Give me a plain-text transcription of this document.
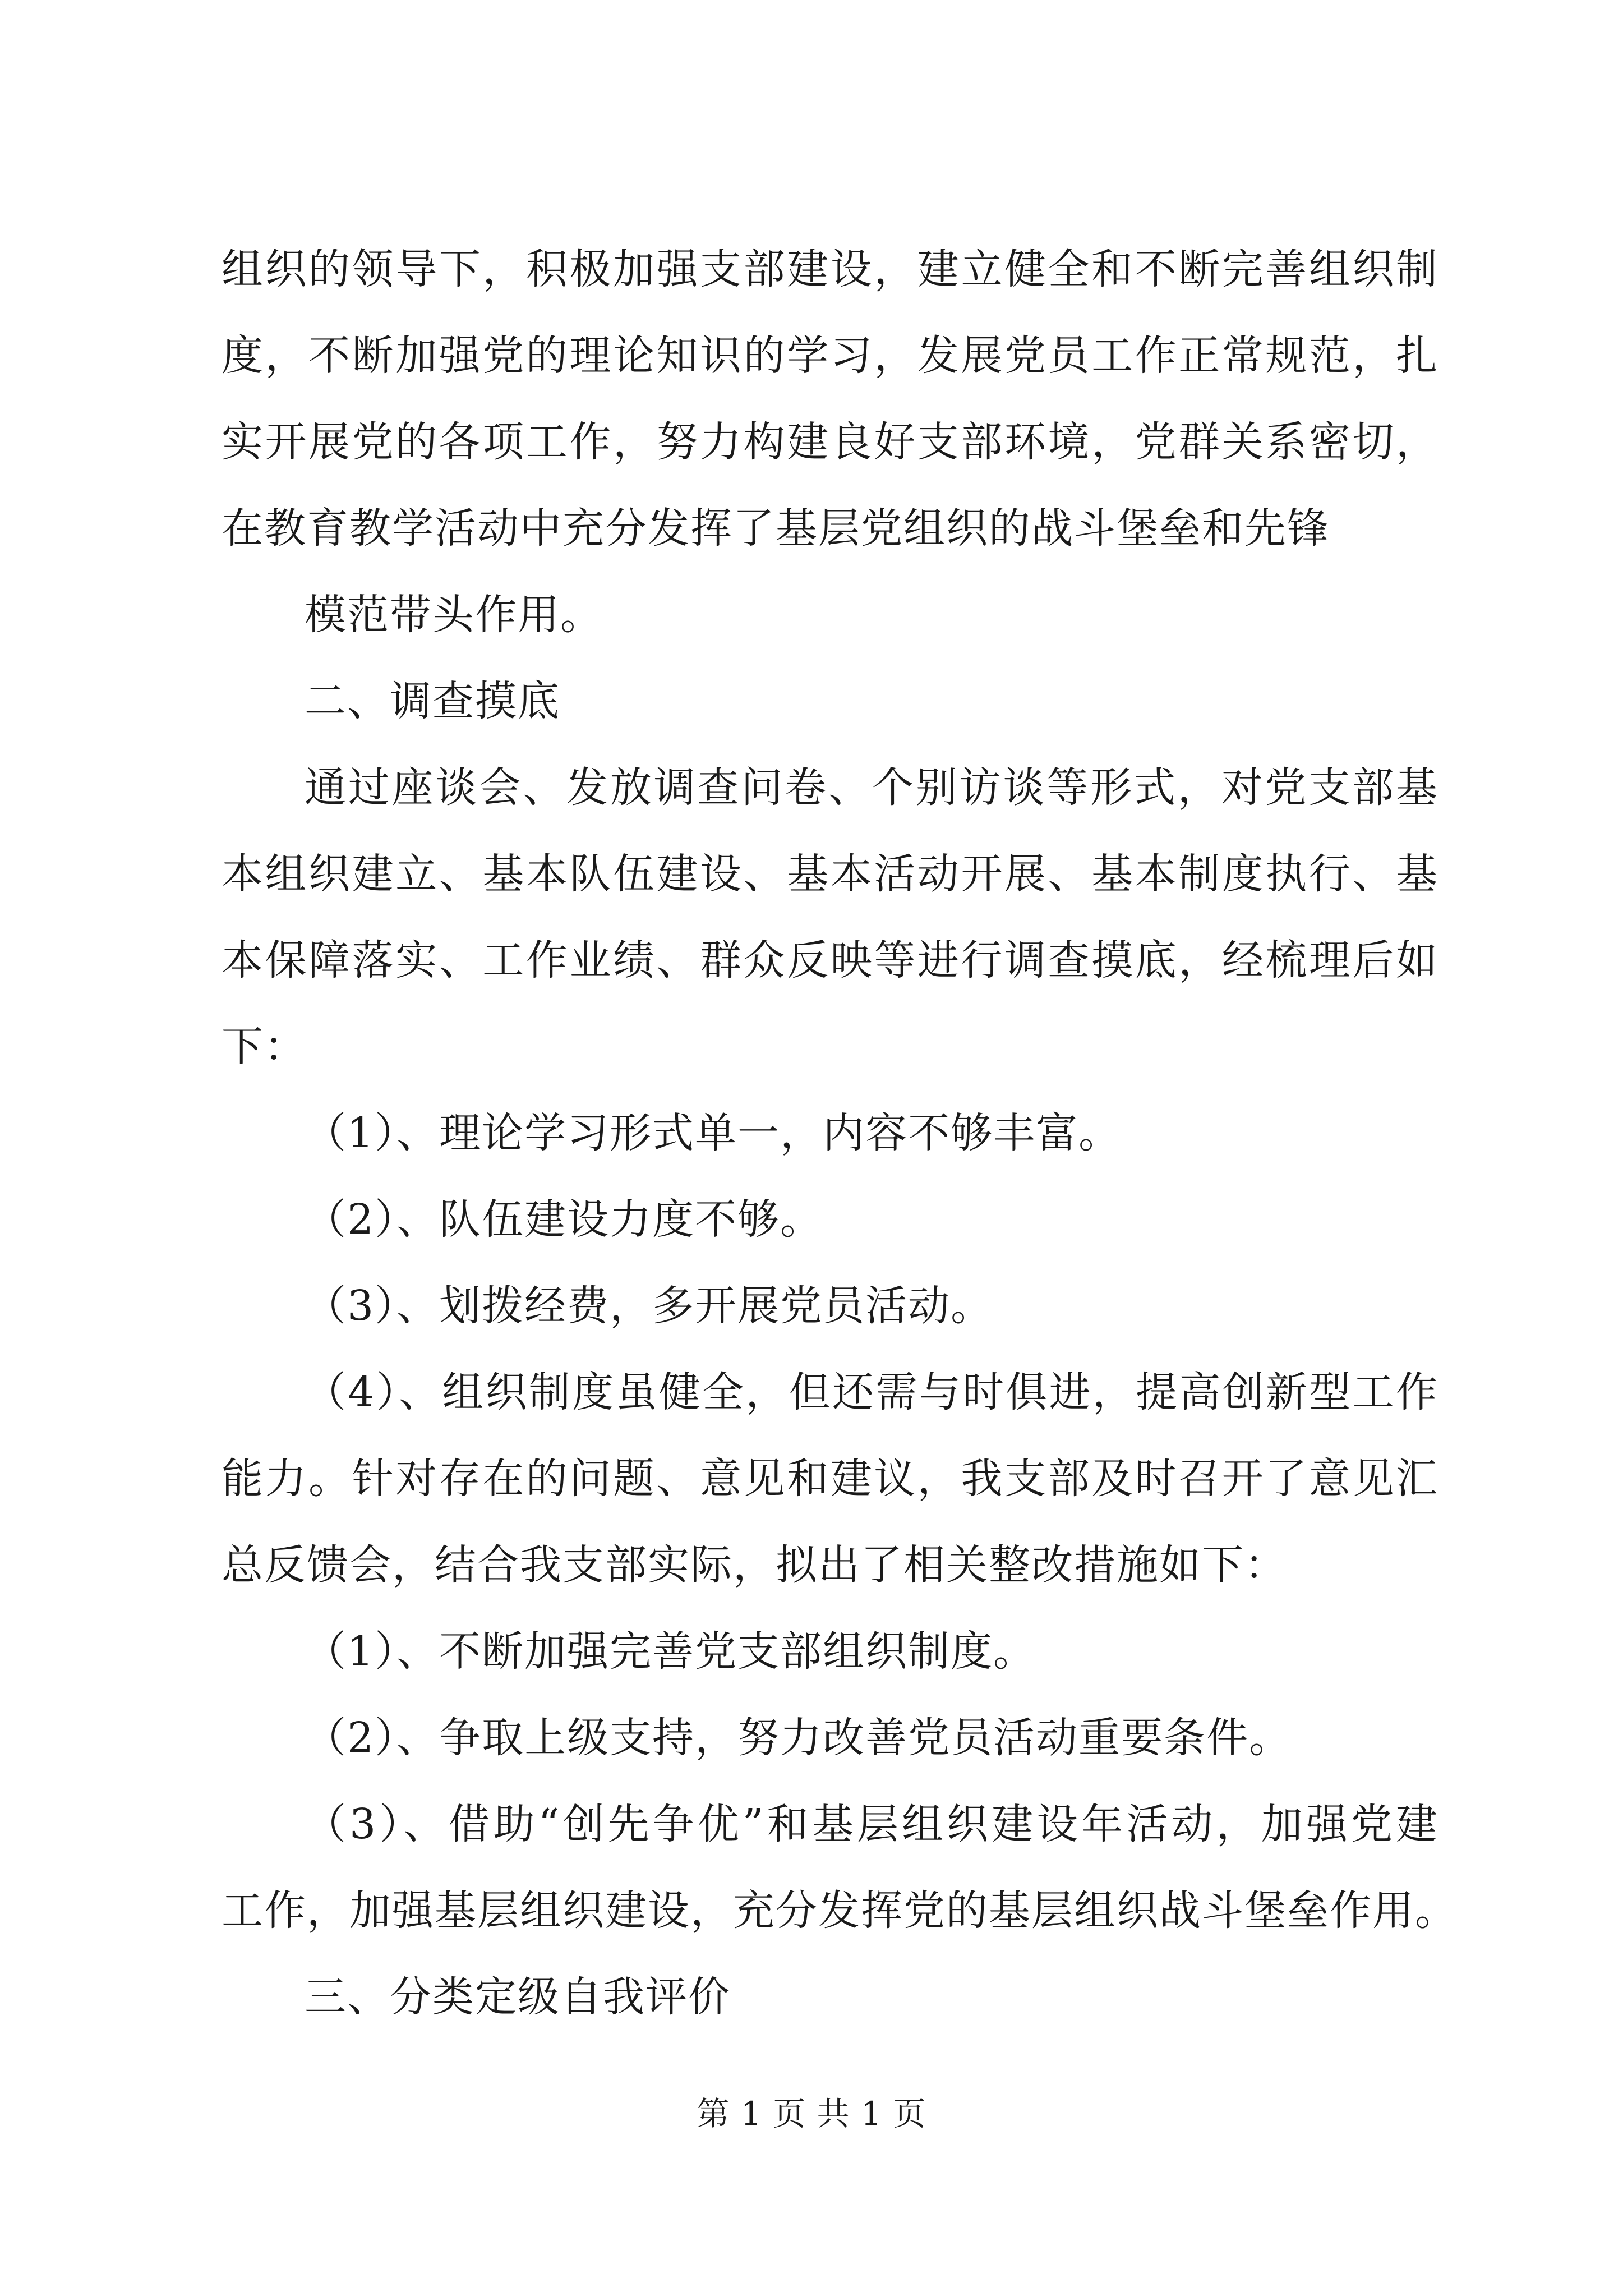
组织的领导下，积极加强支部建设，建立健全和不断完善组织制
度，不断加强党的理论知识的学习，发展党员工作正常规范，扎
实开展党的各项工作，努力构建良好支部环境，党群关系密切，
在教育教学活动中充分发挥了基层党组织的战斗堡垒和先锋
模范带头作用。
二、调查摸底
通过座谈会、发放调查问卷、个别访谈等形式，对党支部基
本组织建立、基本队伍建设、基本活动开展、基本制度执行、基
本保障落实、工作业绩、群众反映等进行调查摸底，经梳理后如
下：
（1）、理论学习形式单一，内容不够丰富。
（2）、队伍建设力度不够。
（3）、划拨经费，多开展党员活动。
（4）、组织制度虽健全，但还需与时俱进，提高创新型工作
能力。针对存在的问题、意见和建议，我支部及时召开了意见汇
总反馈会，结合我支部实际，拟出了相关整改措施如下：
（1）、不断加强完善党支部组织制度。
（2）、争取上级支持，努力改善党员活动重要条件。
（3）、借助“创先争优”和基层组织建设年活动，加强党建
工作，加强基层组织建设，充分发挥党的基层组织战斗堡垒作用。
三、分类定级自我评价
第 1 页 共 1 页
